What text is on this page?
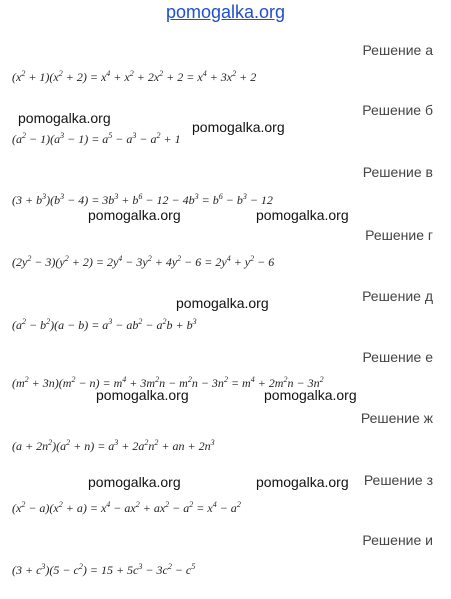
pomogalka.org
Решение а
$(x^2 + 1)(x^2 + 2) = x^4 + x^2 + 2x^2 + 2 = x^4 + 3x^2 + 2$
Решение б
$(a^2 - 1)(a^3 - 1) = a^5 - a^3 - a^2 + 1$
Решение в
$(3 + b^3)(b^3 - 4) = 3b^3 + b^6 - 12 - 4b^3 = b^6 - b^3 - 12$
Решение г
$(2y^2 - 3)(y^2 + 2) = 2y^4 - 3y^2 + 4y^2 - 6 = 2y^4 + y^2 - 6$
Решение д
$(a^2 - b^2)(a - b) = a^3 - ab^2 - a^2b + b^3$
Решение е
$(m^2 + 3n)(m^2 - n) = m^4 + 3m^2n - m^2n - 3n^2 = m^4 + 2m^2n - 3n^2$
Решение ж
$(a + 2n^2)(a^2 + n) = a^3 + 2a^2n^2$ + an + $2n^3$
Решение з
$(x^2 - a)(x^2 + a) = x^4 - ax^2 + ax^2 - a^2 = x^4 - a^2$
Решение и
$(3 + c^3)(5 - c^2) = 15 + 5c^3 - 3c^2 - c^5$
pomogalka.org
pomogalka.org
pomogalka.org	pomogalka.org
pomogalka.org
pomogalka.org	pomogalka.org
pomogalka.org	pomogalka.org
